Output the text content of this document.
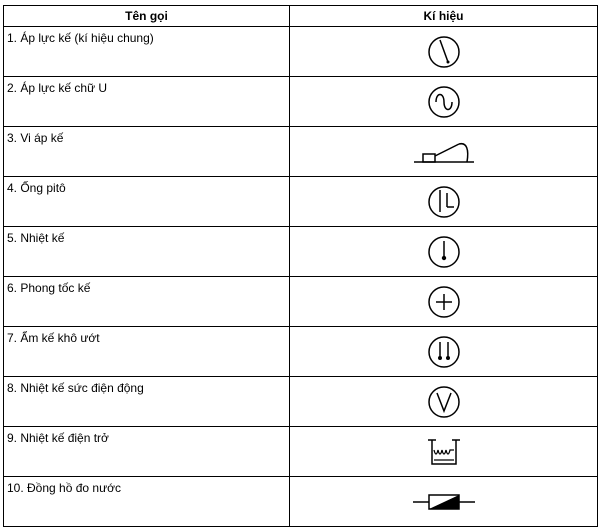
Tên gọi	Kí hiệu
1. Áp lực kế (kí hiệu chung)	

2. Áp lực kế chữ U	

3. Vi áp kế	

4. Ống pitô	

5. Nhiệt kế	

6. Phong tốc kế	

7. Ẩm kế khô ướt	

8. Nhiệt kế sức điện động	

9. Nhiệt kế điện trở	

10. Đồng hồ đo nước	
